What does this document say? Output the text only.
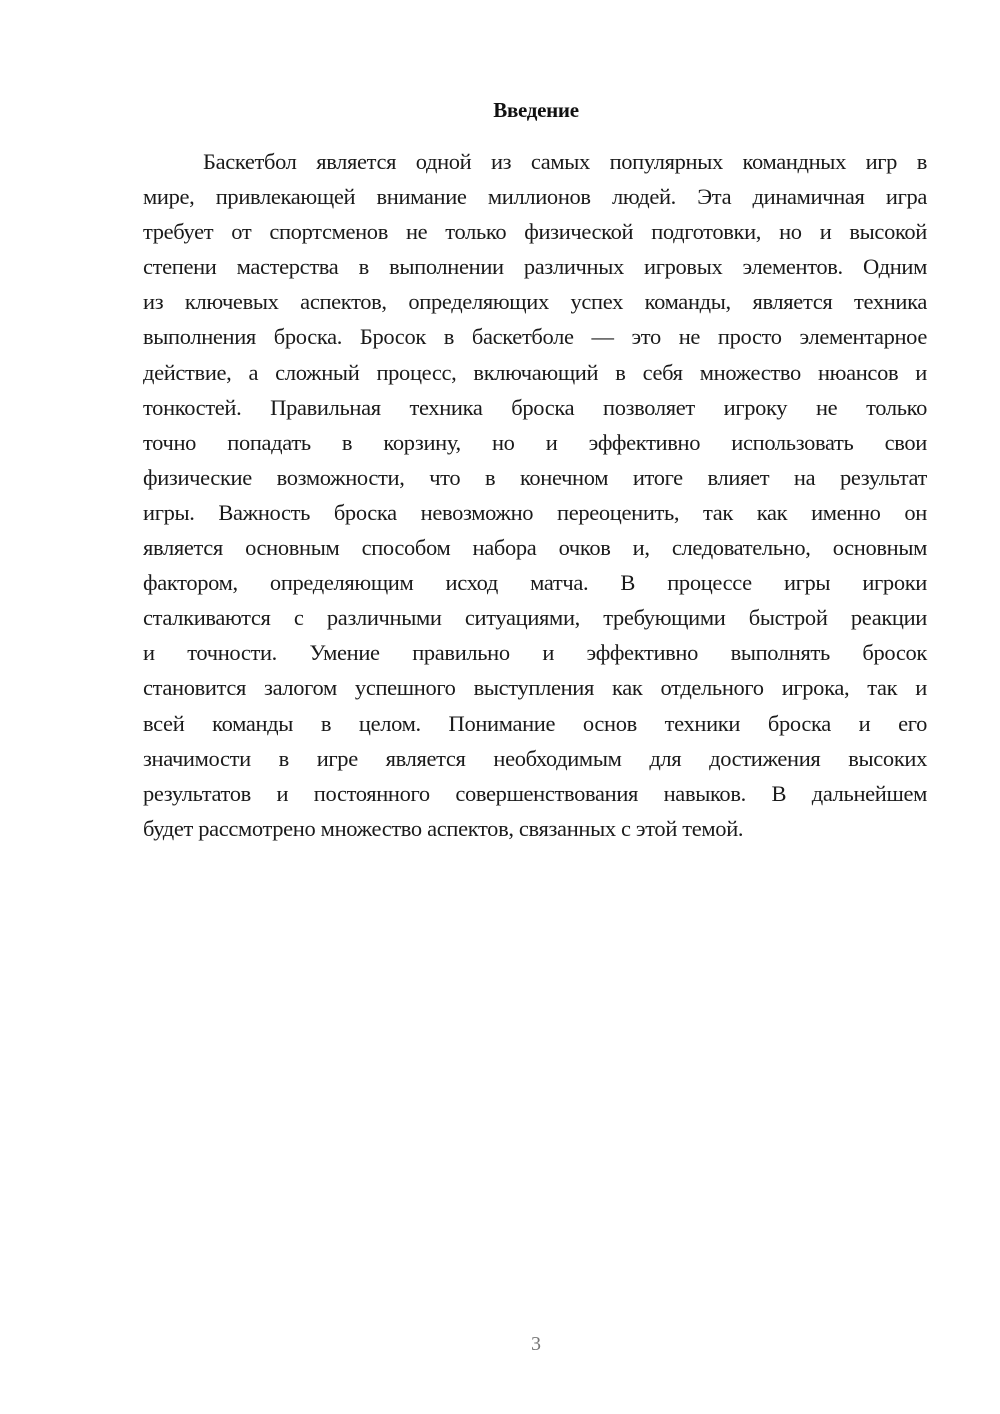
Введение
Баскетбол является одной из самых популярных командных игр в
мире, привлекающей внимание миллионов людей. Эта динамичная игра
требует от спортсменов не только физической подготовки, но и высокой
степени мастерства в выполнении различных игровых элементов. Одним
из ключевых аспектов, определяющих успех команды, является техника
выполнения броска. Бросок в баскетболе — это не просто элементарное
действие, а сложный процесс, включающий в себя множество нюансов и
тонкостей. Правильная техника броска позволяет игроку не только
точно попадать в корзину, но и эффективно использовать свои
физические возможности, что в конечном итоге влияет на результат
игры. Важность броска невозможно переоценить, так как именно он
является основным способом набора очков и, следовательно, основным
фактором, определяющим исход матча. В процессе игры игроки
сталкиваются с различными ситуациями, требующими быстрой реакции
и точности. Умение правильно и эффективно выполнять бросок
становится залогом успешного выступления как отдельного игрока, так и
всей команды в целом. Понимание основ техники броска и его
значимости в игре является необходимым для достижения высоких
результатов и постоянного совершенствования навыков. В дальнейшем
будет рассмотрено множество аспектов, связанных с этой темой.
3
